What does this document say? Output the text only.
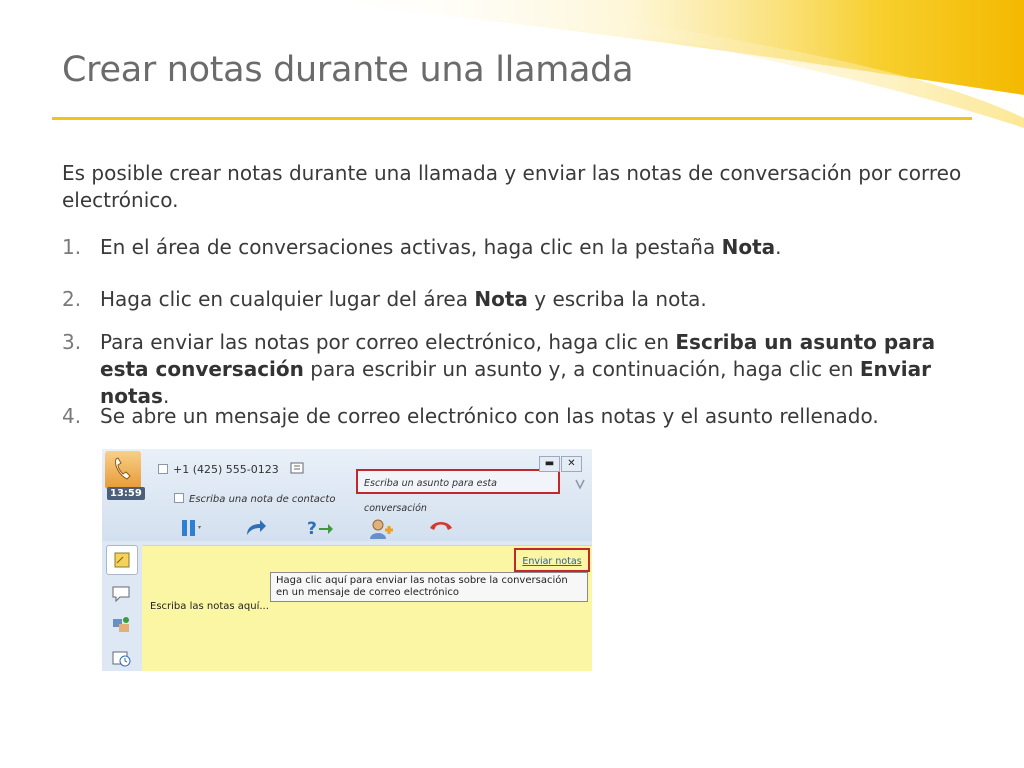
Crear notas durante una llamada

Es posible crear notas durante una llamada y enviar las notas de conversación por correo electrónico.

1. En el área de conversaciones activas, haga clic en la pestaña Nota.
2. Haga clic en cualquier lugar del área Nota y escriba la nota.
3. Para enviar las notas por correo electrónico, haga clic en Escriba un asunto para esta conversación para escribir un asunto y, a continuación, haga clic en Enviar notas.
4. Se abre un mensaje de correo electrónico con las notas y el asunto rellenado.
13:59
+1 (425) 555-0123
Escriba una nota de contacto
Escriba un asunto para esta conversación
▬ ✕
?
Enviar notas
Haga clic aquí para enviar las notas sobre la conversación en un mensaje de correo electrónico
Escriba las notas aquí...
